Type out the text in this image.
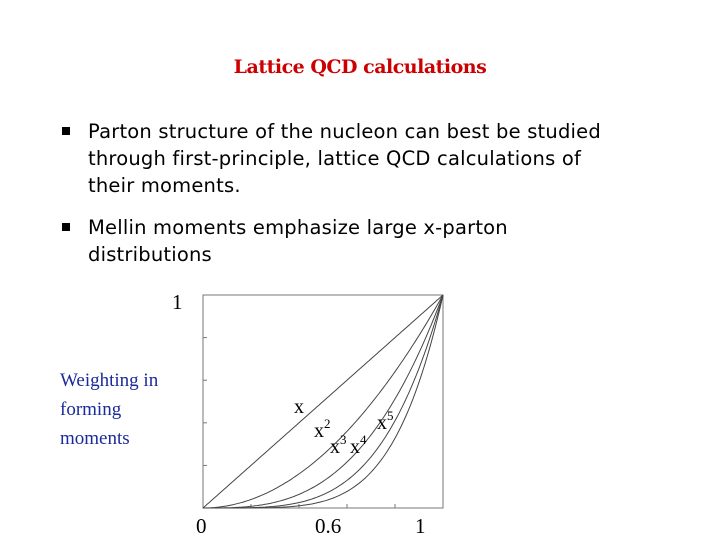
Lattice QCD calculations
Parton structure of the nucleon can best be studied through first-principle, lattice QCD calculations of their moments.
Mellin moments emphasize large x-parton distributions
Weighting in forming moments
1
0	0.6	1
x
$x^2$
$x^3$ $x^4$
$x^5$
